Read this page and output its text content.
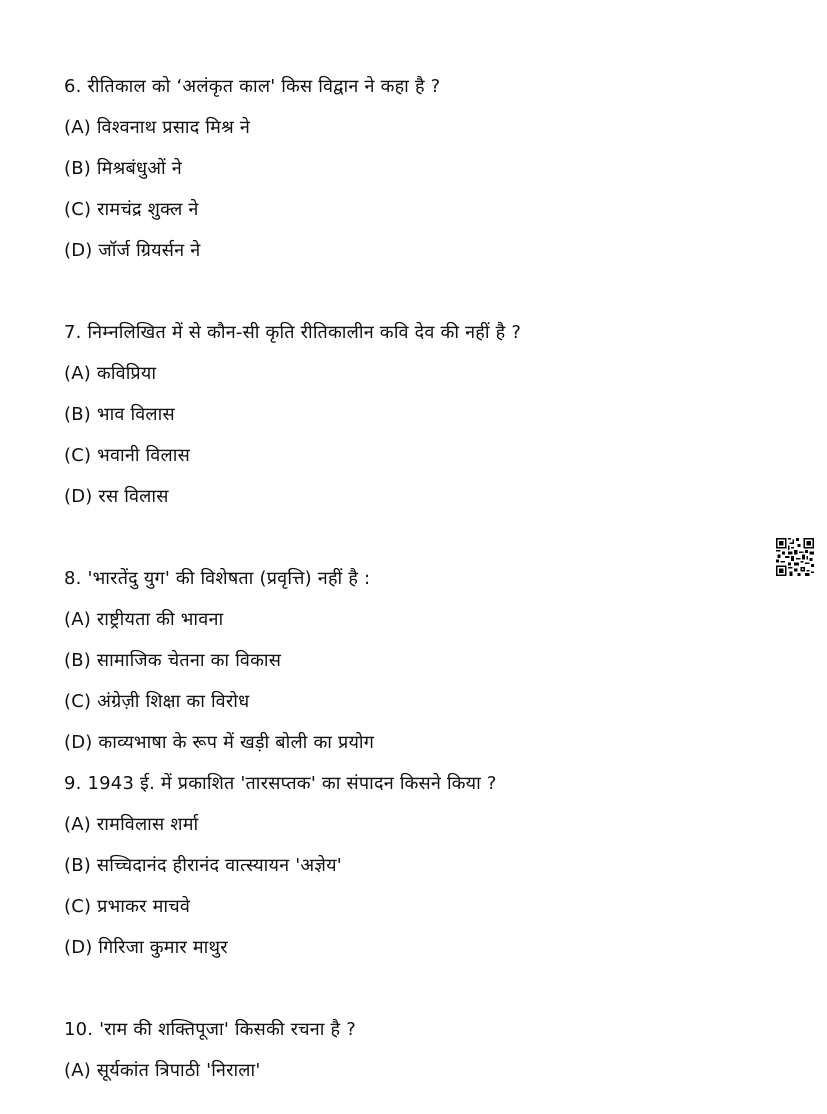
6. रीतिकाल को ‘अलंकृत काल' किस विद्वान ने कहा है ?
(A) विश्वनाथ प्रसाद मिश्र ने
(B) मिश्रबंधुओं ने
(C) रामचंद्र शुक्ल ने
(D) जॉर्ज ग्रियर्सन ने
7. निम्नलिखित में से कौन-सी कृति रीतिकालीन कवि देव की नहीं है ?
(A) कविप्रिया
(B) भाव विलास
(C) भवानी विलास
(D) रस विलास
8. 'भारतेंदु युग' की विशेषता (प्रवृत्ति) नहीं है :
(A) राष्ट्रीयता की भावना
(B) सामाजिक चेतना का विकास
(C) अंग्रेज़ी शिक्षा का विरोध
(D) काव्यभाषा के रूप में खड़ी बोली का प्रयोग
9. 1943 ई. में प्रकाशित 'तारसप्तक' का संपादन किसने किया ?
(A) रामविलास शर्मा
(B) सच्चिदानंद हीरानंद वात्स्यायन 'अज्ञेय'
(C) प्रभाकर माचवे
(D) गिरिजा कुमार माथुर
10. 'राम की शक्तिपूजा' किसकी रचना है ?
(A) सूर्यकांत त्रिपाठी 'निराला'
